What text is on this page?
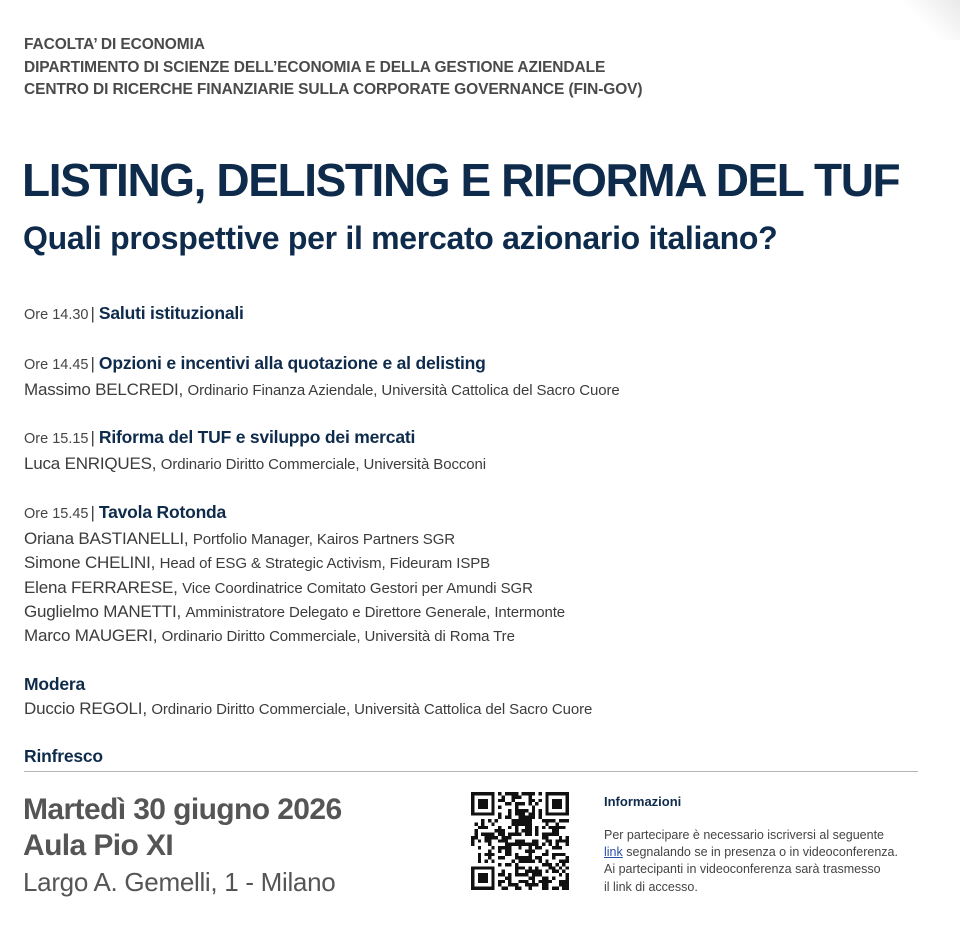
FACOLTA’ DI ECONOMIA
DIPARTIMENTO DI SCIENZE DELL’ECONOMIA E DELLA GESTIONE AZIENDALE
CENTRO DI RICERCHE FINANZIARIE SULLA CORPORATE GOVERNANCE (FIN-GOV)
LISTING, DELISTING E RIFORMA DEL TUF
Quali prospettive per il mercato azionario italiano?
Ore 14.30 | Saluti istituzionali
Ore 14.45 | Opzioni e incentivi alla quotazione e al delisting
Massimo BELCREDI, Ordinario Finanza Aziendale, Università Cattolica del Sacro Cuore
Ore 15.15 | Riforma del TUF e sviluppo dei mercati
Luca ENRIQUES, Ordinario Diritto Commerciale, Università Bocconi
Ore 15.45 | Tavola Rotonda
Oriana BASTIANELLI, Portfolio Manager, Kairos Partners SGR
Simone CHELINI, Head of ESG & Strategic Activism, Fideuram ISPB
Elena FERRARESE, Vice Coordinatrice Comitato Gestori per Amundi SGR
Guglielmo MANETTI, Amministratore Delegato e Direttore Generale, Intermonte
Marco MAUGERI, Ordinario Diritto Commerciale, Università di Roma Tre
Modera
Duccio REGOLI, Ordinario Diritto Commerciale, Università Cattolica del Sacro Cuore
Rinfresco
Martedì 30 giugno 2026
Aula Pio XI
Largo A. Gemelli, 1 - Milano
Informazioni
Per partecipare è necessario iscriversi al seguente
link segnalando se in presenza o in videoconferenza.
Ai partecipanti in videoconferenza sarà trasmesso
il link di accesso.
